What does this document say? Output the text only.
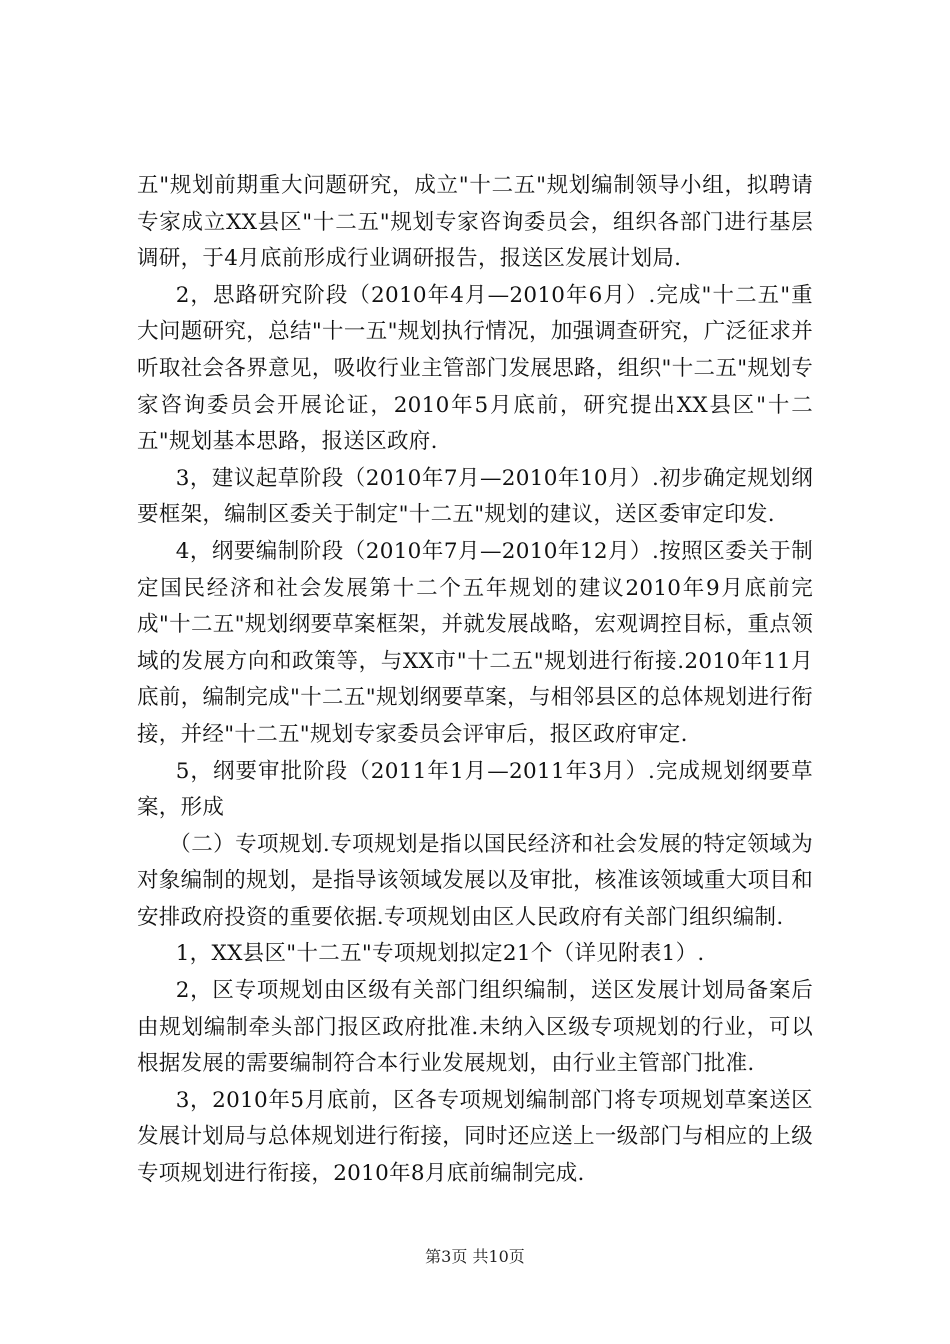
五"规划前期重大问题研究，成立"十二五"规划编制领导小组，拟聘请专家成立XX县区"十二五"规划专家咨询委员会，组织各部门进行基层调研，于4月底前形成行业调研报告，报送区发展计划局.

2，思路研究阶段（2010年4月—2010年6月）.完成"十二五"重大问题研究，总结"十一五"规划执行情况，加强调查研究，广泛征求并听取社会各界意见，吸收行业主管部门发展思路，组织"十二五"规划专家咨询委员会开展论证，2010年5月底前，研究提出XX县区"十二五"规划基本思路，报送区政府.

3，建议起草阶段（2010年7月—2010年10月）.初步确定规划纲要框架，编制区委关于制定"十二五"规划的建议，送区委审定印发.

4，纲要编制阶段（2010年7月—2010年12月）.按照区委关于制定国民经济和社会发展第十二个五年规划的建议2010年9月底前完成"十二五"规划纲要草案框架，并就发展战略，宏观调控目标，重点领域的发展方向和政策等，与XX市"十二五"规划进行衔接.2010年11月底前，编制完成"十二五"规划纲要草案，与相邻县区的总体规划进行衔接，并经"十二五"规划专家委员会评审后，报区政府审定.

5，纲要审批阶段（2011年1月—2011年3月）.完成规划纲要草案，形成

（二）专项规划.专项规划是指以国民经济和社会发展的特定领域为对象编制的规划，是指导该领域发展以及审批，核准该领域重大项目和安排政府投资的重要依据.专项规划由区人民政府有关部门组织编制.

1，XX县区"十二五"专项规划拟定21个（详见附表1）.

2，区专项规划由区级有关部门组织编制，送区发展计划局备案后由规划编制牵头部门报区政府批准.未纳入区级专项规划的行业，可以根据发展的需要编制符合本行业发展规划，由行业主管部门批准.

3，2010年5月底前，区各专项规划编制部门将专项规划草案送区发展计划局与总体规划进行衔接，同时还应送上一级部门与相应的上级专项规划进行衔接，2010年8月底前编制完成.

第3页 共10页
